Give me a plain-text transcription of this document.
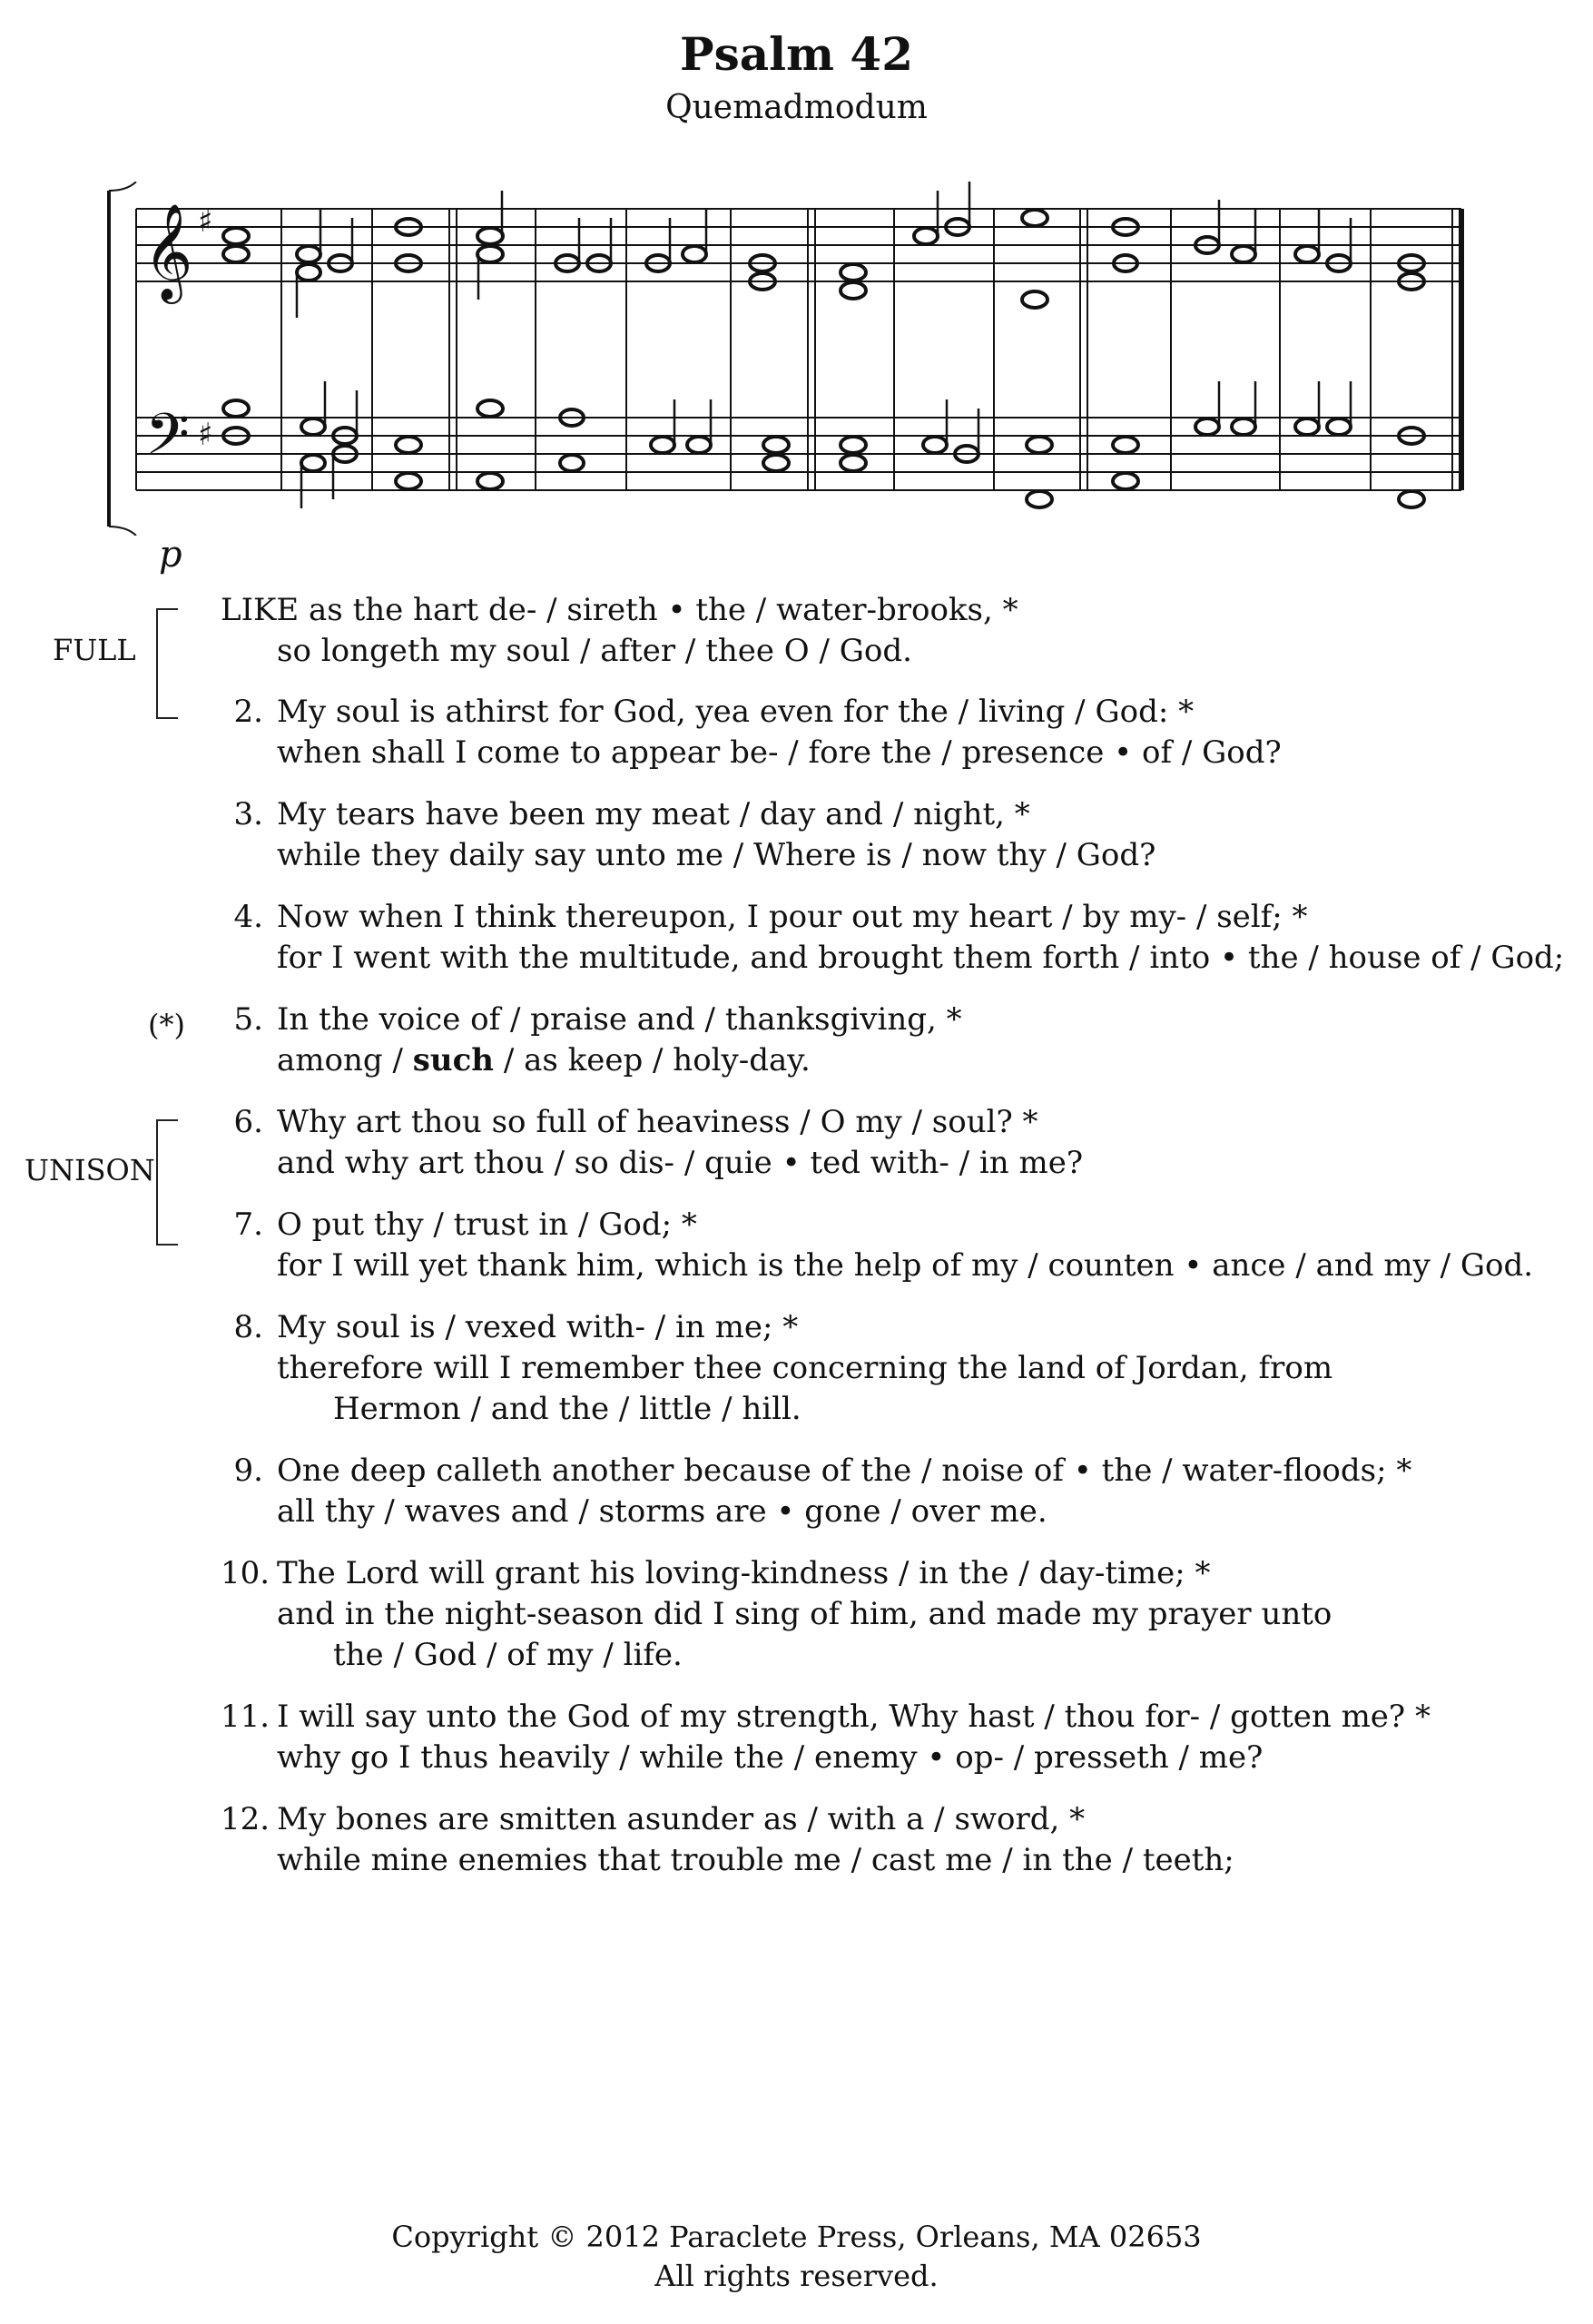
Psalm 42
Quemadmodum
𝄞 ♯
𝄢 ♯
p
FULL
(*)
UNISON
LIKE as the hart de- / sireth • the / water-brooks, *
so longeth my soul / after / thee O / God.
2. My soul is athirst for God, yea even for the / living / God: *
when shall I come to appear be- / fore the / presence • of / God?
3. My tears have been my meat / day and / night, *
while they daily say unto me / Where is / now thy / God?
4. Now when I think thereupon, I pour out my heart / by my- / self; *
for I went with the multitude, and brought them forth / into • the / house of / God;
5. In the voice of / praise and / thanksgiving, *
among / such / as keep / holy-day.
6. Why art thou so full of heaviness / O my / soul? *
and why art thou / so dis- / quie • ted with- / in me?
7. O put thy / trust in / God; *
for I will yet thank him, which is the help of my / counten • ance / and my / God.
8. My soul is / vexed with- / in me; *
therefore will I remember thee concerning the land of Jordan, from
Hermon / and the / little / hill.
9. One deep calleth another because of the / noise of • the / water-floods; *
all thy / waves and / storms are • gone / over me.
10. The Lord will grant his loving-kindness / in the / day-time; *
and in the night-season did I sing of him, and made my prayer unto
the / God / of my / life.
11. I will say unto the God of my strength, Why hast / thou for- / gotten me? *
why go I thus heavily / while the / enemy • op- / presseth / me?
12. My bones are smitten asunder as / with a / sword, *
while mine enemies that trouble me / cast me / in the / teeth;
Copyright © 2012 Paraclete Press, Orleans, MA 02653
All rights reserved.
